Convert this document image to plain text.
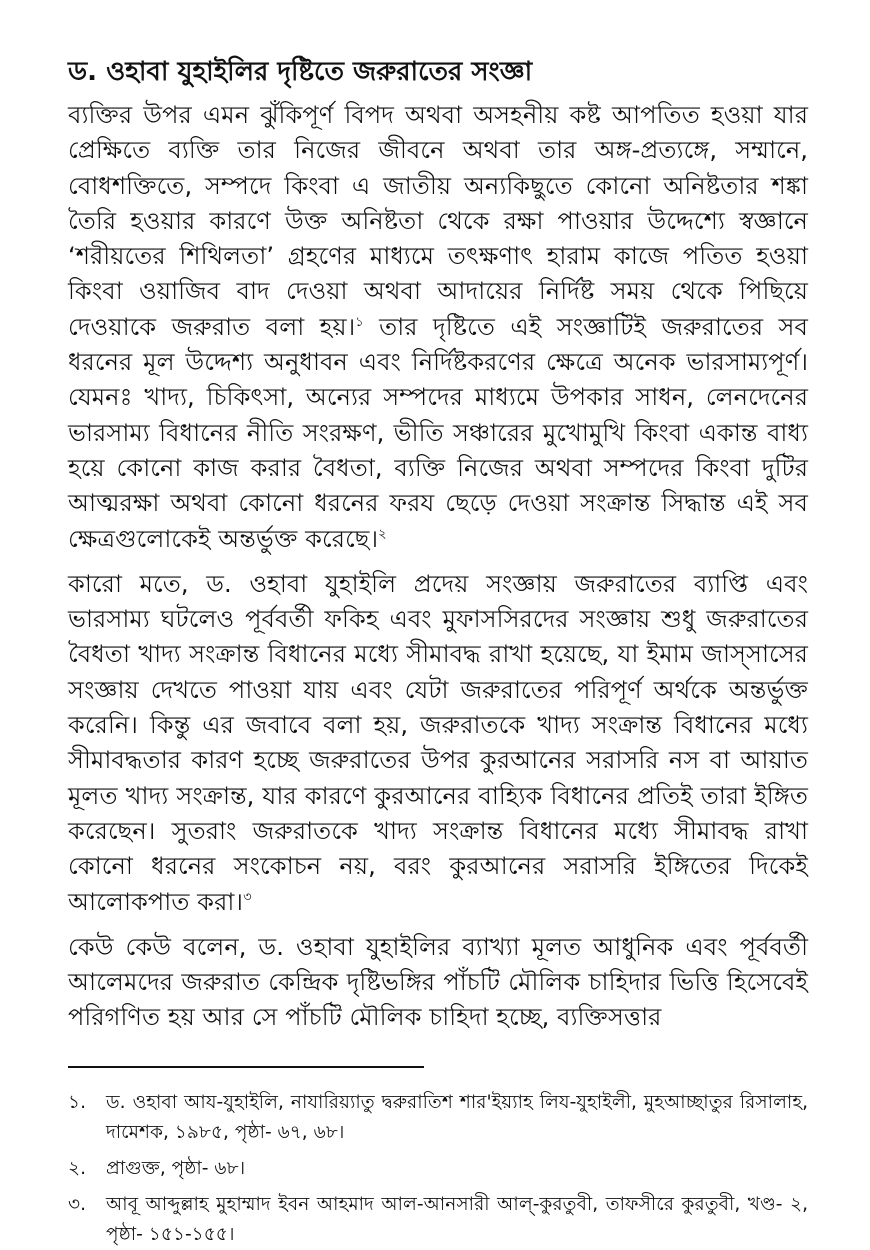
ড. ওহাবা যুহাইলির দৃষ্টিতে জরুরাতের সংজ্ঞা

ব্যক্তির উপর এমন ঝুঁকিপূর্ণ বিপদ অথবা অসহনীয় কষ্ট আপতিত হওয়া যার প্রেক্ষিতে ব্যক্তি তার নিজের জীবনে অথবা তার অঙ্গ-প্রত্যঙ্গে, সম্মানে, বোধশক্তিতে, সম্পদে কিংবা এ জাতীয় অন্যকিছুতে কোনো অনিষ্টতার শঙ্কা তৈরি হওয়ার কারণে উক্ত অনিষ্টতা থেকে রক্ষা পাওয়ার উদ্দেশ্যে স্বজ্ঞানে ‘শরীয়তের শিথিলতা’ গ্রহণের মাধ্যমে তৎক্ষণাৎ হারাম কাজে পতিত হওয়া কিংবা ওয়াজিব বাদ দেওয়া অথবা আদায়ের নির্দিষ্ট সময় থেকে পিছিয়ে দেওয়াকে জরুরাত বলা হয়।$^১$ তার দৃষ্টিতে এই সংজ্ঞাটিই জরুরাতের সব ধরনের মূল উদ্দেশ্য অনুধাবন এবং নির্দিষ্টকরণের ক্ষেত্রে অনেক ভারসাম্যপূর্ণ। যেমনঃ খাদ্য, চিকিৎসা, অন্যের সম্পদের মাধ্যমে উপকার সাধন, লেনদেনের ভারসাম্য বিধানের নীতি সংরক্ষণ, ভীতি সঞ্চারের মুখোমুখি কিংবা একান্ত বাধ্য হয়ে কোনো কাজ করার বৈধতা, ব্যক্তি নিজের অথবা সম্পদের কিংবা দুটির আত্মরক্ষা অথবা কোনো ধরনের ফরয ছেড়ে দেওয়া সংক্রান্ত সিদ্ধান্ত এই সব ক্ষেত্রগুলোকেই অন্তর্ভুক্ত করেছে।$^২$

কারো মতে, ড. ওহাবা যুহাইলি প্রদেয় সংজ্ঞায় জরুরাতের ব্যাপ্তি এবং ভারসাম্য ঘটলেও পূর্ববর্তী ফকিহ এবং মুফাসসিরদের সংজ্ঞায় শুধু জরুরাতের বৈধতা খাদ্য সংক্রান্ত বিধানের মধ্যে সীমাবদ্ধ রাখা হয়েছে, যা ইমাম জাস্সাসের সংজ্ঞায় দেখতে পাওয়া যায় এবং যেটা জরুরাতের পরিপূর্ণ অর্থকে অন্তর্ভুক্ত করেনি। কিন্তু এর জবাবে বলা হয়, জরুরাতকে খাদ্য সংক্রান্ত বিধানের মধ্যে সীমাবদ্ধতার কারণ হচ্ছে জরুরাতের উপর কুরআনের সরাসরি নস বা আয়াত মূলত খাদ্য সংক্রান্ত, যার কারণে কুরআনের বাহ্যিক বিধানের প্রতিই তারা ইঙ্গিত করেছেন। সুতরাং জরুরাতকে খাদ্য সংক্রান্ত বিধানের মধ্যে সীমাবদ্ধ রাখা কোনো ধরনের সংকোচন নয়, বরং কুরআনের সরাসরি ইঙ্গিতের দিকেই আলোকপাত করা।$^৩$

কেউ কেউ বলেন, ড. ওহাবা যুহাইলির ব্যাখ্যা মূলত আধুনিক এবং পূর্ববর্তী আলেমদের জরুরাত কেন্দ্রিক দৃষ্টিভঙ্গির পাঁচটি মৌলিক চাহিদার ভিত্তি হিসেবেই পরিগণিত হয় আর সে পাঁচটি মৌলিক চাহিদা হচ্ছে, ব্যক্তিসত্তার

১.	ড. ওহাবা আয-যুহাইলি, নাযারিয়্যাতু দ্বরুরাতিশ শার'ইয়্যাহ লিয-যুহাইলী, মুহআচ্ছাতুর রিসালাহ, দামেশক, ১৯৮৫, পৃষ্ঠা- ৬৭, ৬৮।
২.	প্রাগুক্ত, পৃষ্ঠা- ৬৮।
৩.	আবূ আব্দুল্লাহ মুহাম্মাদ ইবন আহমাদ আল-আনসারী আল্-কুরতুবী, তাফসীরে কুরতুবী, খণ্ড- ২, পৃষ্ঠা- ১৫১-১৫৫।
